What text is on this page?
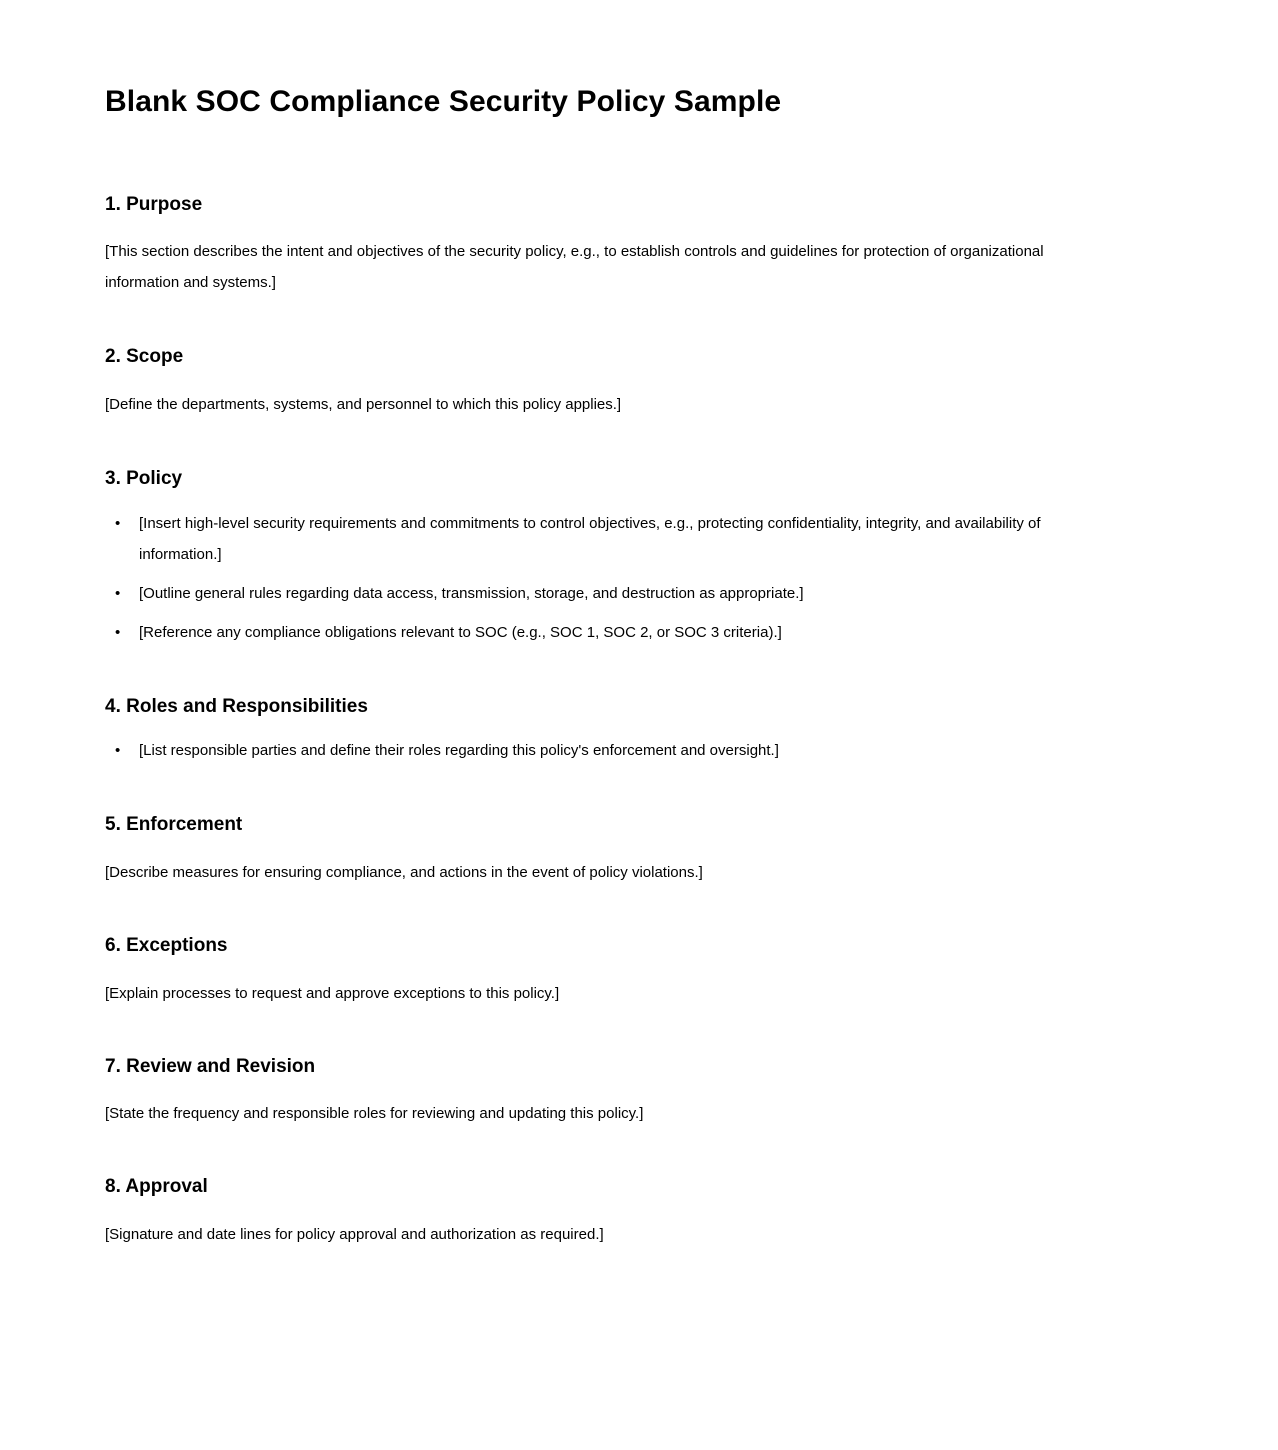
Blank SOC Compliance Security Policy Sample
1. Purpose

[This section describes the intent and objectives of the security policy, e.g., to establish controls and guidelines for protection of organizational information and systems.]

2. Scope

[Define the departments, systems, and personnel to which this policy applies.]

3. Policy
• [Insert high-level security requirements and commitments to control objectives, e.g., protecting confidentiality, integrity, and availability of information.]
• [Outline general rules regarding data access, transmission, storage, and destruction as appropriate.]
• [Reference any compliance obligations relevant to SOC (e.g., SOC 1, SOC 2, or SOC 3 criteria).]
4. Roles and Responsibilities
• [List responsible parties and define their roles regarding this policy's enforcement and oversight.]
5. Enforcement

[Describe measures for ensuring compliance, and actions in the event of policy violations.]

6. Exceptions

[Explain processes to request and approve exceptions to this policy.]

7. Review and Revision

[State the frequency and responsible roles for reviewing and updating this policy.]

8. Approval

[Signature and date lines for policy approval and authorization as required.]
